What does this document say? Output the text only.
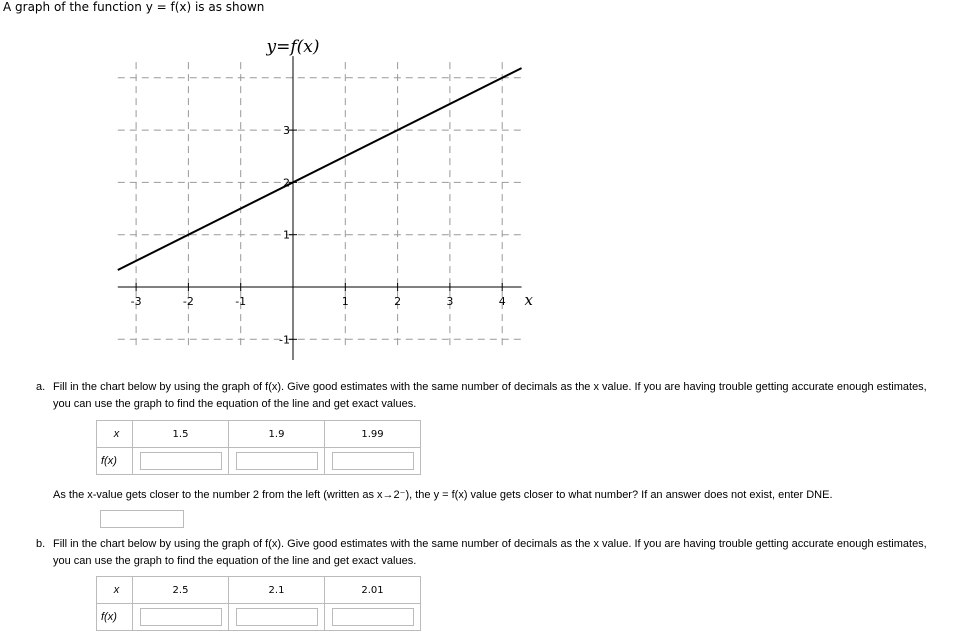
A graph of the function y = f(x) is as shown
-3	-2	-1	1	2	3	4
-1
1
2
3
y=f(x)
x
a. Fill in the chart below by using the graph of f(x). Give good estimates with the same number of decimals as the x value. If you are having trouble getting accurate enough estimates,
you can use the graph to find the equation of the line and get exact values.
x	1.5	1.9	1.99
f(x)			
As the x-value gets closer to the number 2 from the left (written as x→2⁻), the y = f(x) value gets closer to what number? If an answer does not exist, enter DNE.
b. Fill in the chart below by using the graph of f(x). Give good estimates with the same number of decimals as the x value. If you are having trouble getting accurate enough estimates,
you can use the graph to find the equation of the line and get exact values.
x	2.5	2.1	2.01
f(x)			
